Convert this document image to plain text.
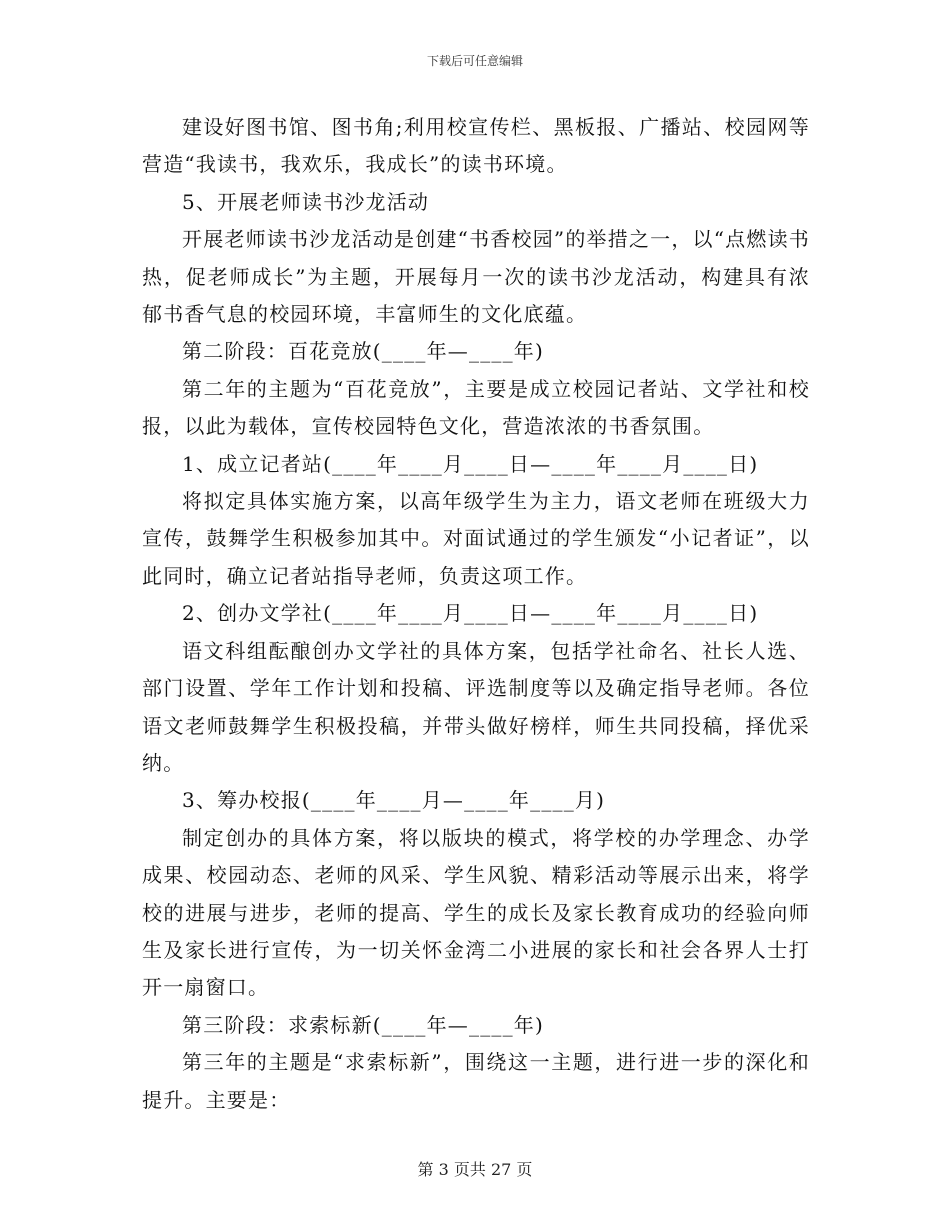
下载后可任意编辑

建设好图书馆、图书角;利用校宣传栏、黑板报、广播站、校园网等营造“我读书，我欢乐，我成长”的读书环境。

5、开展老师读书沙龙活动

开展老师读书沙龙活动是创建“书香校园”的举措之一，以“点燃读书热，促老师成长”为主题，开展每月一次的读书沙龙活动，构建具有浓郁书香气息的校园环境，丰富师生的文化底蕴。

第二阶段：百花竞放(____年—____年)

第二年的主题为“百花竞放”，主要是成立校园记者站、文学社和校报，以此为载体，宣传校园特色文化，营造浓浓的书香氛围。

1、成立记者站(____年____月____日—____年____月____日)

将拟定具体实施方案，以高年级学生为主力，语文老师在班级大力宣传，鼓舞学生积极参加其中。对面试通过的学生颁发“小记者证”，以此同时，确立记者站指导老师，负责这项工作。

2、创办文学社(____年____月____日—____年____月____日)

语文科组酝酿创办文学社的具体方案，包括学社命名、社长人选、部门设置、学年工作计划和投稿、评选制度等以及确定指导老师。各位语文老师鼓舞学生积极投稿，并带头做好榜样，师生共同投稿，择优采纳。

3、筹办校报(____年____月—____年____月)

制定创办的具体方案，将以版块的模式，将学校的办学理念、办学成果、校园动态、老师的风采、学生风貌、精彩活动等展示出来，将学校的进展与进步，老师的提高、学生的成长及家长教育成功的经验向师生及家长进行宣传，为一切关怀金湾二小进展的家长和社会各界人士打开一扇窗口。

第三阶段：求索标新(____年—____年)

第三年的主题是“求索标新”，围绕这一主题，进行进一步的深化和提升。主要是：

第 3 页共 27 页
